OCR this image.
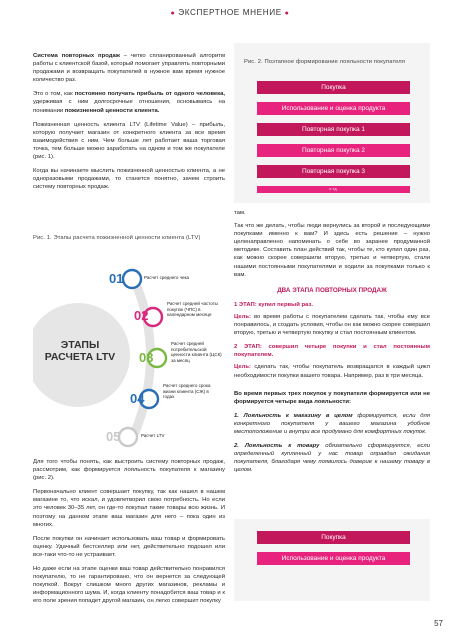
● ЭКСПЕРТНОЕ МНЕНИЕ ●

Система повторных продаж – четко спланированный алгоритм работы с клиентской базой, который помогает управлять повторными продажами и возвращать покупателей в нужное вам время нужное количество раз.

Это о том, как постоянно получать прибыль от одного человека, удерживая с ним долгосрочные отношения, основываясь на понимании пожизненной ценности клиента.

Пожизненная ценность клиента LTV (Lifetime Value) – прибыль, которую получает магазин от конкретного клиента за все время взаимодействия с ним. Чем больше лет работает ваша торговая точка, тем больше можно заработать на одном и том же покупателе (рис. 1).

Когда вы начинаете мыслить пожизненной ценностью клиента, а не одноразовыми продажами, то станется понятно, зачем строить систему повторных продаж.

Рис. 1. Этапы расчета пожизненной ценности клиента (LTV)
ЭТАПЫ РАСЧЕТА LTV
01	Расчет среднего чека
02
Расчет средней частоты покупок (ЧПС) в календарном месяце
03
Расчет средней потребительской ценности клиента (ЦСК) за месяц
04
Расчет среднего срока жизни клиента (СЖ) в годах
05	Расчет LTV

Для того чтобы понять, как выстроить систему повторных продаж, рассмотрим, как формируется лояльность покупателя к магазину (рис. 2).

Первоначально клиент совершает покупку, так как нашел в нашем магазине то, что искал, и удовлетворил свою потребность. Но если это человек 30–35 лет, он где-то покупал такие товары всю жизнь. И поэтому на данном этапе ваш магазин для него – пока один из многих.

После покупки он начинает использовать ваш товар и формировать оценку. Удачный бестселлер или нет, действительно подошел или все-таки что-то не устраивает.

Но даже если на этапе оценки ваш товар действительно понравился покупателю, то не гарантировано, что он вернется за следующей покупкой. Вокруг слишком много других магазинов, рекламы и информационного шума. И, когда клиенту понадобится ваш товар и к его поле зрения попадет другой магазин, он легко совершит покупку

Рис. 2. Поэтапное формирование лояльности покупателя
Покупка
Использование и оценка продукта
Повторная покупка 1
Повторная покупка 2
Повторная покупка 3
и т.д.

там.

Так что же делать, чтобы люди вернулись за второй и последующими покупками именно к вам? И здесь есть решение – нужно целенаправленно напоминать о себе во заранее продуманной методике. Составить план действий так, чтобы те, кто купил один раз, как можно скорее совершили вторую, третью и четвертую, стали нашими постоянными покупателями и ходили за покупками только к вам.

ДВА ЭТАПА ПОВТОРНЫХ ПРОДАЖ

1 ЭТАП: купил первый раз.

Цель: во время работы с покупателем сделать так, чтобы ему все понравилось, и создать условия, чтобы он как можно скорее совершил вторую, третью и четвертую покупку и стал постоянным клиентом.

2 ЭТАП: совершил четыре покупки и стал постоянным покупателем.

Цель: сделать так, чтобы покупатель возвращался в каждый цикл необходимости покупки вашего товара. Например, раз в три месяца.

Во время первых трех покупок у покупателя формируется или не формируется четыре вида лояльности:

1. Лояльность к магазину в целом формируется, если для конкретного покупателя у вашего магазина удобное местоположение и внутри все продумано для комфортных покупок.

2. Лояльность к товару обязательно сформируется, если определенный купленный у нас товар оправдал ожидания покупателя, благодаря чему появилось доверие к нашему товару в целом.

Покупка
Использование и оценка продукта
57
